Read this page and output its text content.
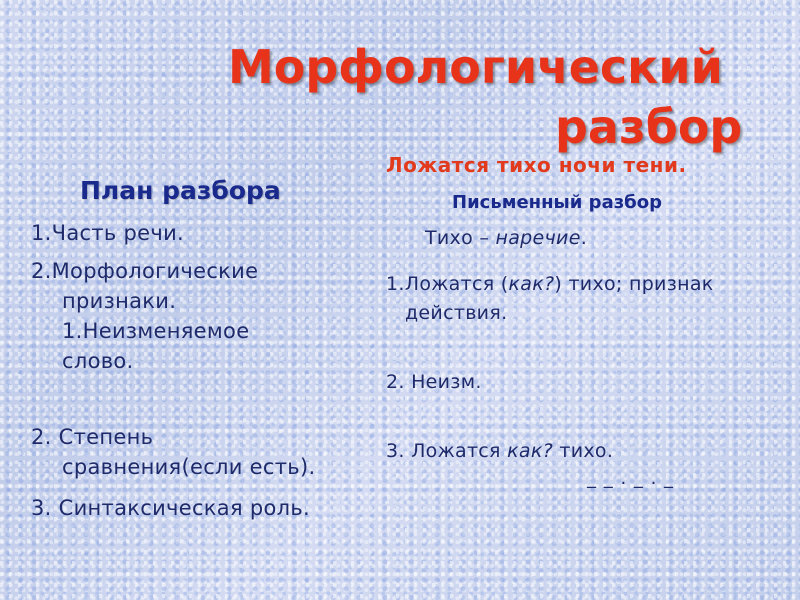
Морфологический
разбор
Ложатся тихо ночи тени.
План разбора	Письменный разбор
1.Часть речи.
2.Морфологические
признаки.
1.Неизменяемое
слово.
2. Степень
сравнения(если есть).
3. Синтаксическая роль.
Тихо – наречие.
1.Ложатся (как?) тихо; признак
действия.
2. Неизм.
3. Ложатся как? тихо.
_ _ . _ . _
